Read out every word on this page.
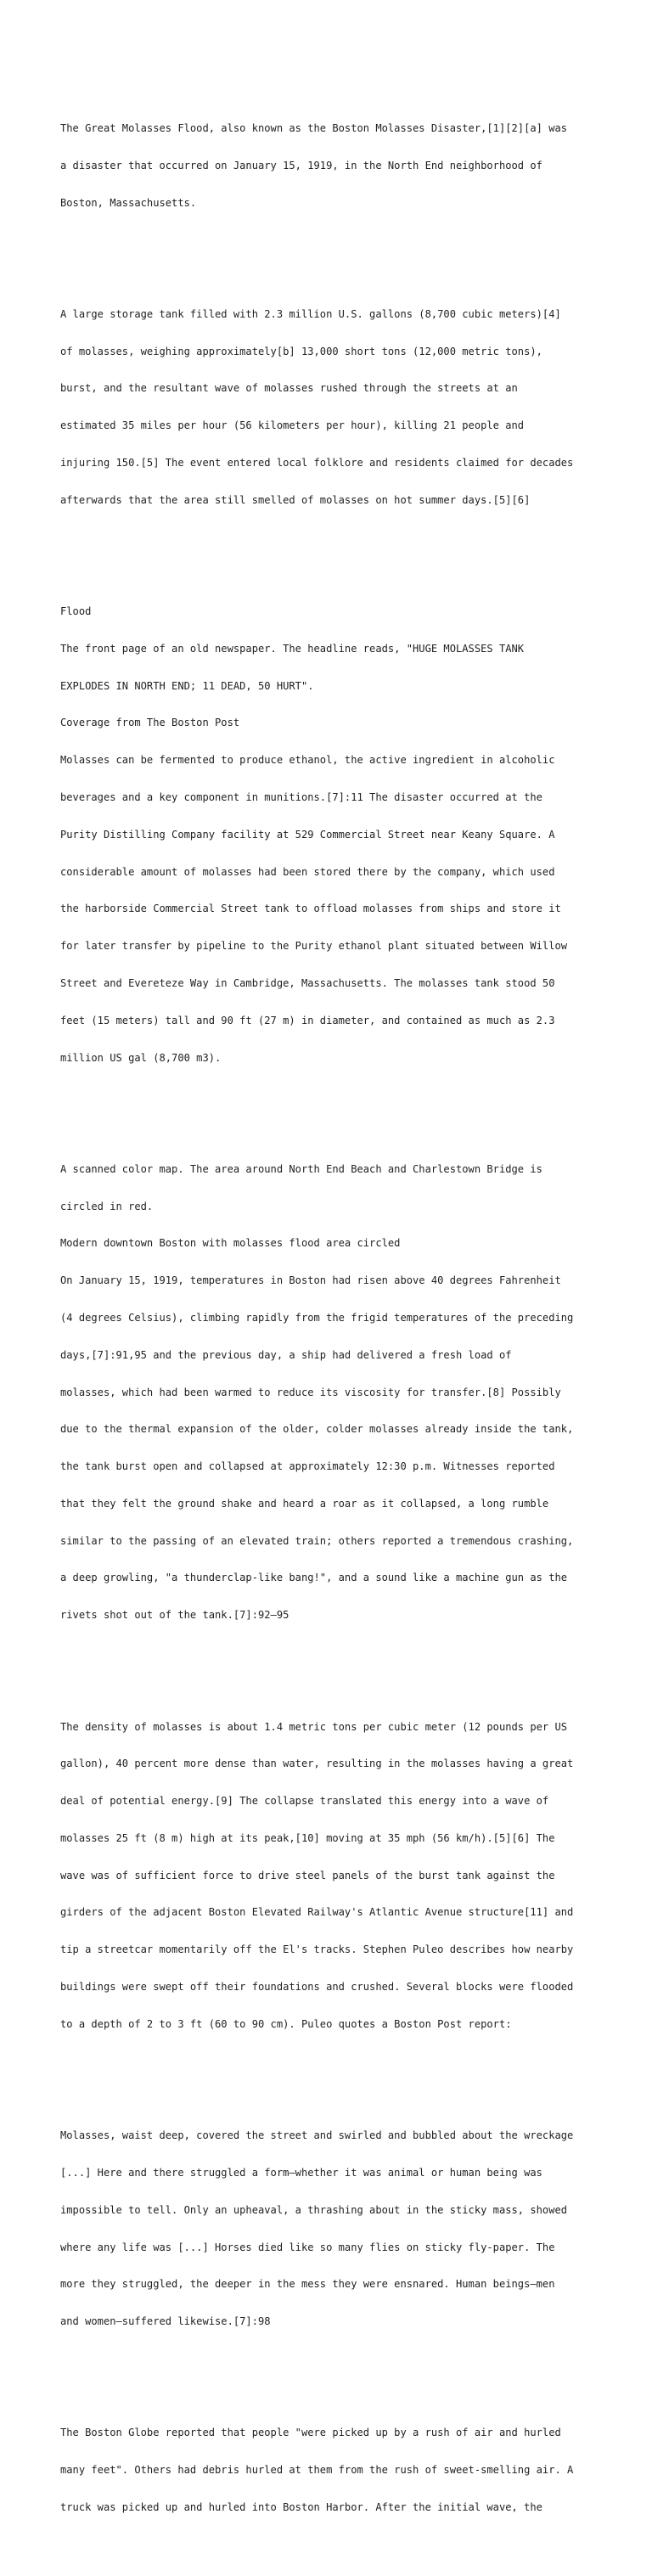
The Great Molasses Flood, also known as the Boston Molasses Disaster,[1][2][a] was

a disaster that occurred on January 15, 1919, in the North End neighborhood of

Boston, Massachusetts.

A large storage tank filled with 2.3 million U.S. gallons (8,700 cubic meters)[4]

of molasses, weighing approximately[b] 13,000 short tons (12,000 metric tons),

burst, and the resultant wave of molasses rushed through the streets at an

estimated 35 miles per hour (56 kilometers per hour), killing 21 people and

injuring 150.[5] The event entered local folklore and residents claimed for decades

afterwards that the area still smelled of molasses on hot summer days.[5][6]

Flood

The front page of an old newspaper. The headline reads, "HUGE MOLASSES TANK

EXPLODES IN NORTH END; 11 DEAD, 50 HURT".

Coverage from The Boston Post

Molasses can be fermented to produce ethanol, the active ingredient in alcoholic

beverages and a key component in munitions.[7]:11 The disaster occurred at the

Purity Distilling Company facility at 529 Commercial Street near Keany Square. A

considerable amount of molasses had been stored there by the company, which used

the harborside Commercial Street tank to offload molasses from ships and store it

for later transfer by pipeline to the Purity ethanol plant situated between Willow

Street and Evereteze Way in Cambridge, Massachusetts. The molasses tank stood 50

feet (15 meters) tall and 90 ft (27 m) in diameter, and contained as much as 2.3

million US gal (8,700 m3).

A scanned color map. The area around North End Beach and Charlestown Bridge is

circled in red.

Modern downtown Boston with molasses flood area circled

On January 15, 1919, temperatures in Boston had risen above 40 degrees Fahrenheit

(4 degrees Celsius), climbing rapidly from the frigid temperatures of the preceding

days,[7]:91,95 and the previous day, a ship had delivered a fresh load of

molasses, which had been warmed to reduce its viscosity for transfer.[8] Possibly

due to the thermal expansion of the older, colder molasses already inside the tank,

the tank burst open and collapsed at approximately 12:30 p.m. Witnesses reported

that they felt the ground shake and heard a roar as it collapsed, a long rumble

similar to the passing of an elevated train; others reported a tremendous crashing,

a deep growling, "a thunderclap-like bang!", and a sound like a machine gun as the

rivets shot out of the tank.[7]:92–95

The density of molasses is about 1.4 metric tons per cubic meter (12 pounds per US

gallon), 40 percent more dense than water, resulting in the molasses having a great

deal of potential energy.[9] The collapse translated this energy into a wave of

molasses 25 ft (8 m) high at its peak,[10] moving at 35 mph (56 km/h).[5][6] The

wave was of sufficient force to drive steel panels of the burst tank against the

girders of the adjacent Boston Elevated Railway's Atlantic Avenue structure[11] and

tip a streetcar momentarily off the El's tracks. Stephen Puleo describes how nearby

buildings were swept off their foundations and crushed. Several blocks were flooded

to a depth of 2 to 3 ft (60 to 90 cm). Puleo quotes a Boston Post report:

Molasses, waist deep, covered the street and swirled and bubbled about the wreckage

[...] Here and there struggled a form—whether it was animal or human being was

impossible to tell. Only an upheaval, a thrashing about in the sticky mass, showed

where any life was [...] Horses died like so many flies on sticky fly-paper. The

more they struggled, the deeper in the mess they were ensnared. Human beings—men

and women—suffered likewise.[7]:98

The Boston Globe reported that people "were picked up by a rush of air and hurled

many feet". Others had debris hurled at them from the rush of sweet-smelling air. A

truck was picked up and hurled into Boston Harbor. After the initial wave, the
